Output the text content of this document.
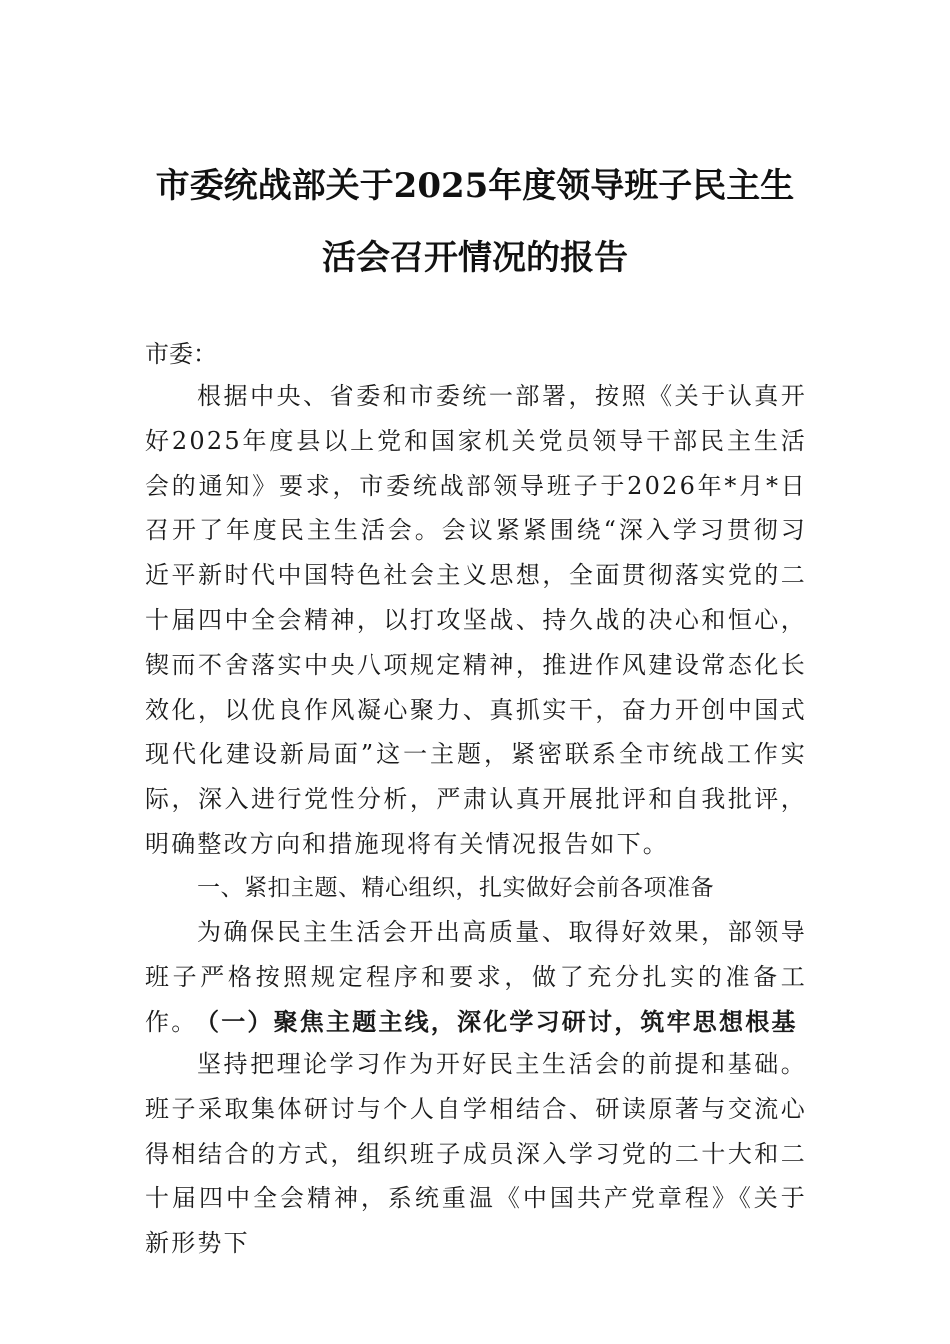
市委统战部关于2025年度领导班子民主生活会召开情况的报告

市委：

根据中央、省委和市委统一部署，按照《关于认真开好2025年度县以上党和国家机关党员领导干部民主生活会的通知》要求，市委统战部领导班子于2026年*月*日召开了年度民主生活会。会议紧紧围绕“深入学习贯彻习近平新时代中国特色社会主义思想，全面贯彻落实党的二十届四中全会精神，以打攻坚战、持久战的决心和恒心，锲而不舍落实中央八项规定精神，推进作风建设常态化长效化，以优良作风凝心聚力、真抓实干，奋力开创中国式现代化建设新局面”这一主题，紧密联系全市统战工作实际，深入进行党性分析，严肃认真开展批评和自我批评，明确整改方向和措施现将有关情况报告如下。

一、紧扣主题、精心组织，扎实做好会前各项准备

为确保民主生活会开出高质量、取得好效果，部领导班子严格按照规定程序和要求，做了充分扎实的准备工作。

（一）聚焦主题主线，深化学习研讨，筑牢思想根基

坚持把理论学习作为开好民主生活会的前提和基础。班子采取集体研讨与个人自学相结合、研读原著与交流心得相结合的方式，组织班子成员深入学习党的二十大和二十届四中全会精神，系统重温《中国共产党章程》《关于新形势下
